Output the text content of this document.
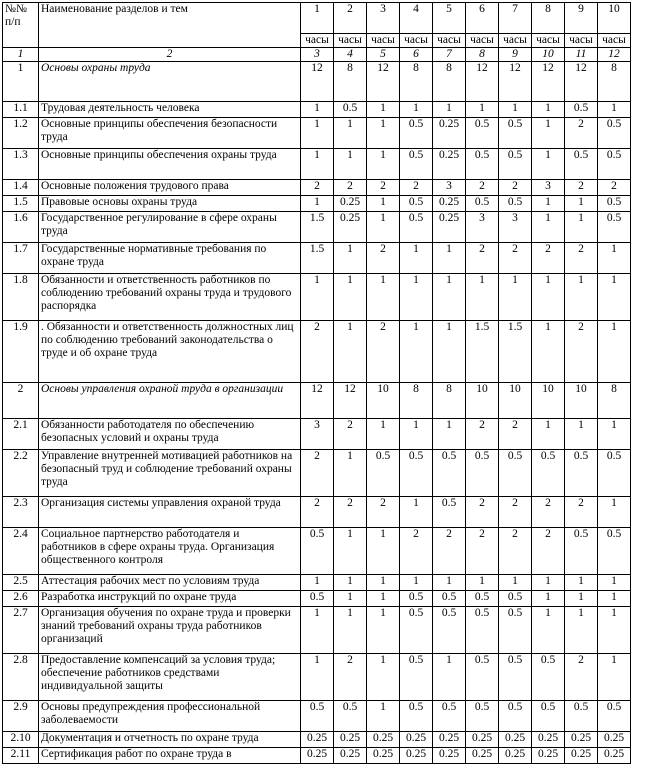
№№ п/п	Наименование разделов и тем	1	2	3	4	5	6	7	8	9	10
		часы	часы	часы	часы	часы	часы	часы	часы	часы	часы
1	2	3	4	5	6	7	8	9	10	11	12
1	Основы охраны труда	12	8	12	8	8	12	12	12	12	8
1.1	Трудовая деятельность человека	1	0.5	1	1	1	1	1	1	0.5	1
1.2	Основные принципы обеспечения безопасности труда	1	1	1	0.5	0.25	0.5	0.5	1	2	0.5
1.3	Основные принципы обеспечения охраны труда	1	1	1	0.5	0.25	0.5	0.5	1	0.5	0.5
1.4	Основные положения трудового права	2	2	2	2	3	2	2	3	2	2
1.5	Правовые основы охраны труда	1	0.25	1	0.5	0.25	0.5	0.5	1	1	0.5
1.6	Государственное регулирование в сфере охраны труда	1.5	0.25	1	0.5	0.25	3	3	1	1	0.5
1.7	Государственные нормативные требования по охране труда	1.5	1	2	1	1	2	2	2	2	1
1.8	Обязанности и ответственность работников по соблюдению требований охраны труда и трудового распорядка	1	1	1	1	1	1	1	1	1	1
1.9	. Обязанности и ответственность должностных лиц по соблюдению требований законодательства о труде и об охране труда	2	1	2	1	1	1.5	1.5	1	2	1
2	Основы управления охраной труда в организации	12	12	10	8	8	10	10	10	10	8
2.1	Обязанности работодателя по обеспечению безопасных условий и охраны труда	3	2	1	1	1	2	2	1	1	1
2.2	Управление внутренней мотивацией работников на безопасный труд и соблюдение требований охраны труда	2	1	0.5	0.5	0.5	0.5	0.5	0.5	0.5	0.5
2.3	Организация системы управления охраной труда	2	2	2	1	0.5	2	2	2	2	1
2.4	Социальное партнерство работодателя и работников в сфере охраны труда. Организация общественного контроля	0.5	1	1	2	2	2	2	2	0.5	0.5
2.5	Аттестация рабочих мест по условиям труда	1	1	1	1	1	1	1	1	1	1
2.6	Разработка инструкций по охране труда	0.5	1	1	0.5	0.5	0.5	0.5	1	1	1
2.7	Организация обучения по охране труда и проверки знаний требований охраны труда работников организаций	1	1	1	0.5	0.5	0.5	0.5	1	1	1
2.8	Предоставление компенсаций за условия труда; обеспечение работников средствами индивидуальной защиты	1	2	1	0.5	1	0.5	0.5	0.5	2	1
2.9	Основы предупреждения профессиональной заболеваемости	0.5	0.5	1	0.5	0.5	0.5	0.5	0.5	0.5	0.5
2.10	Документация и отчетность по охране труда	0.25	0.25	0.25	0.25	0.25	0.25	0.25	0.25	0.25	0.25
2.11	Сертификация работ по охране труда в	0.25	0.25	0.25	0.25	0.25	0.25	0.25	0.25	0.25	0.25
